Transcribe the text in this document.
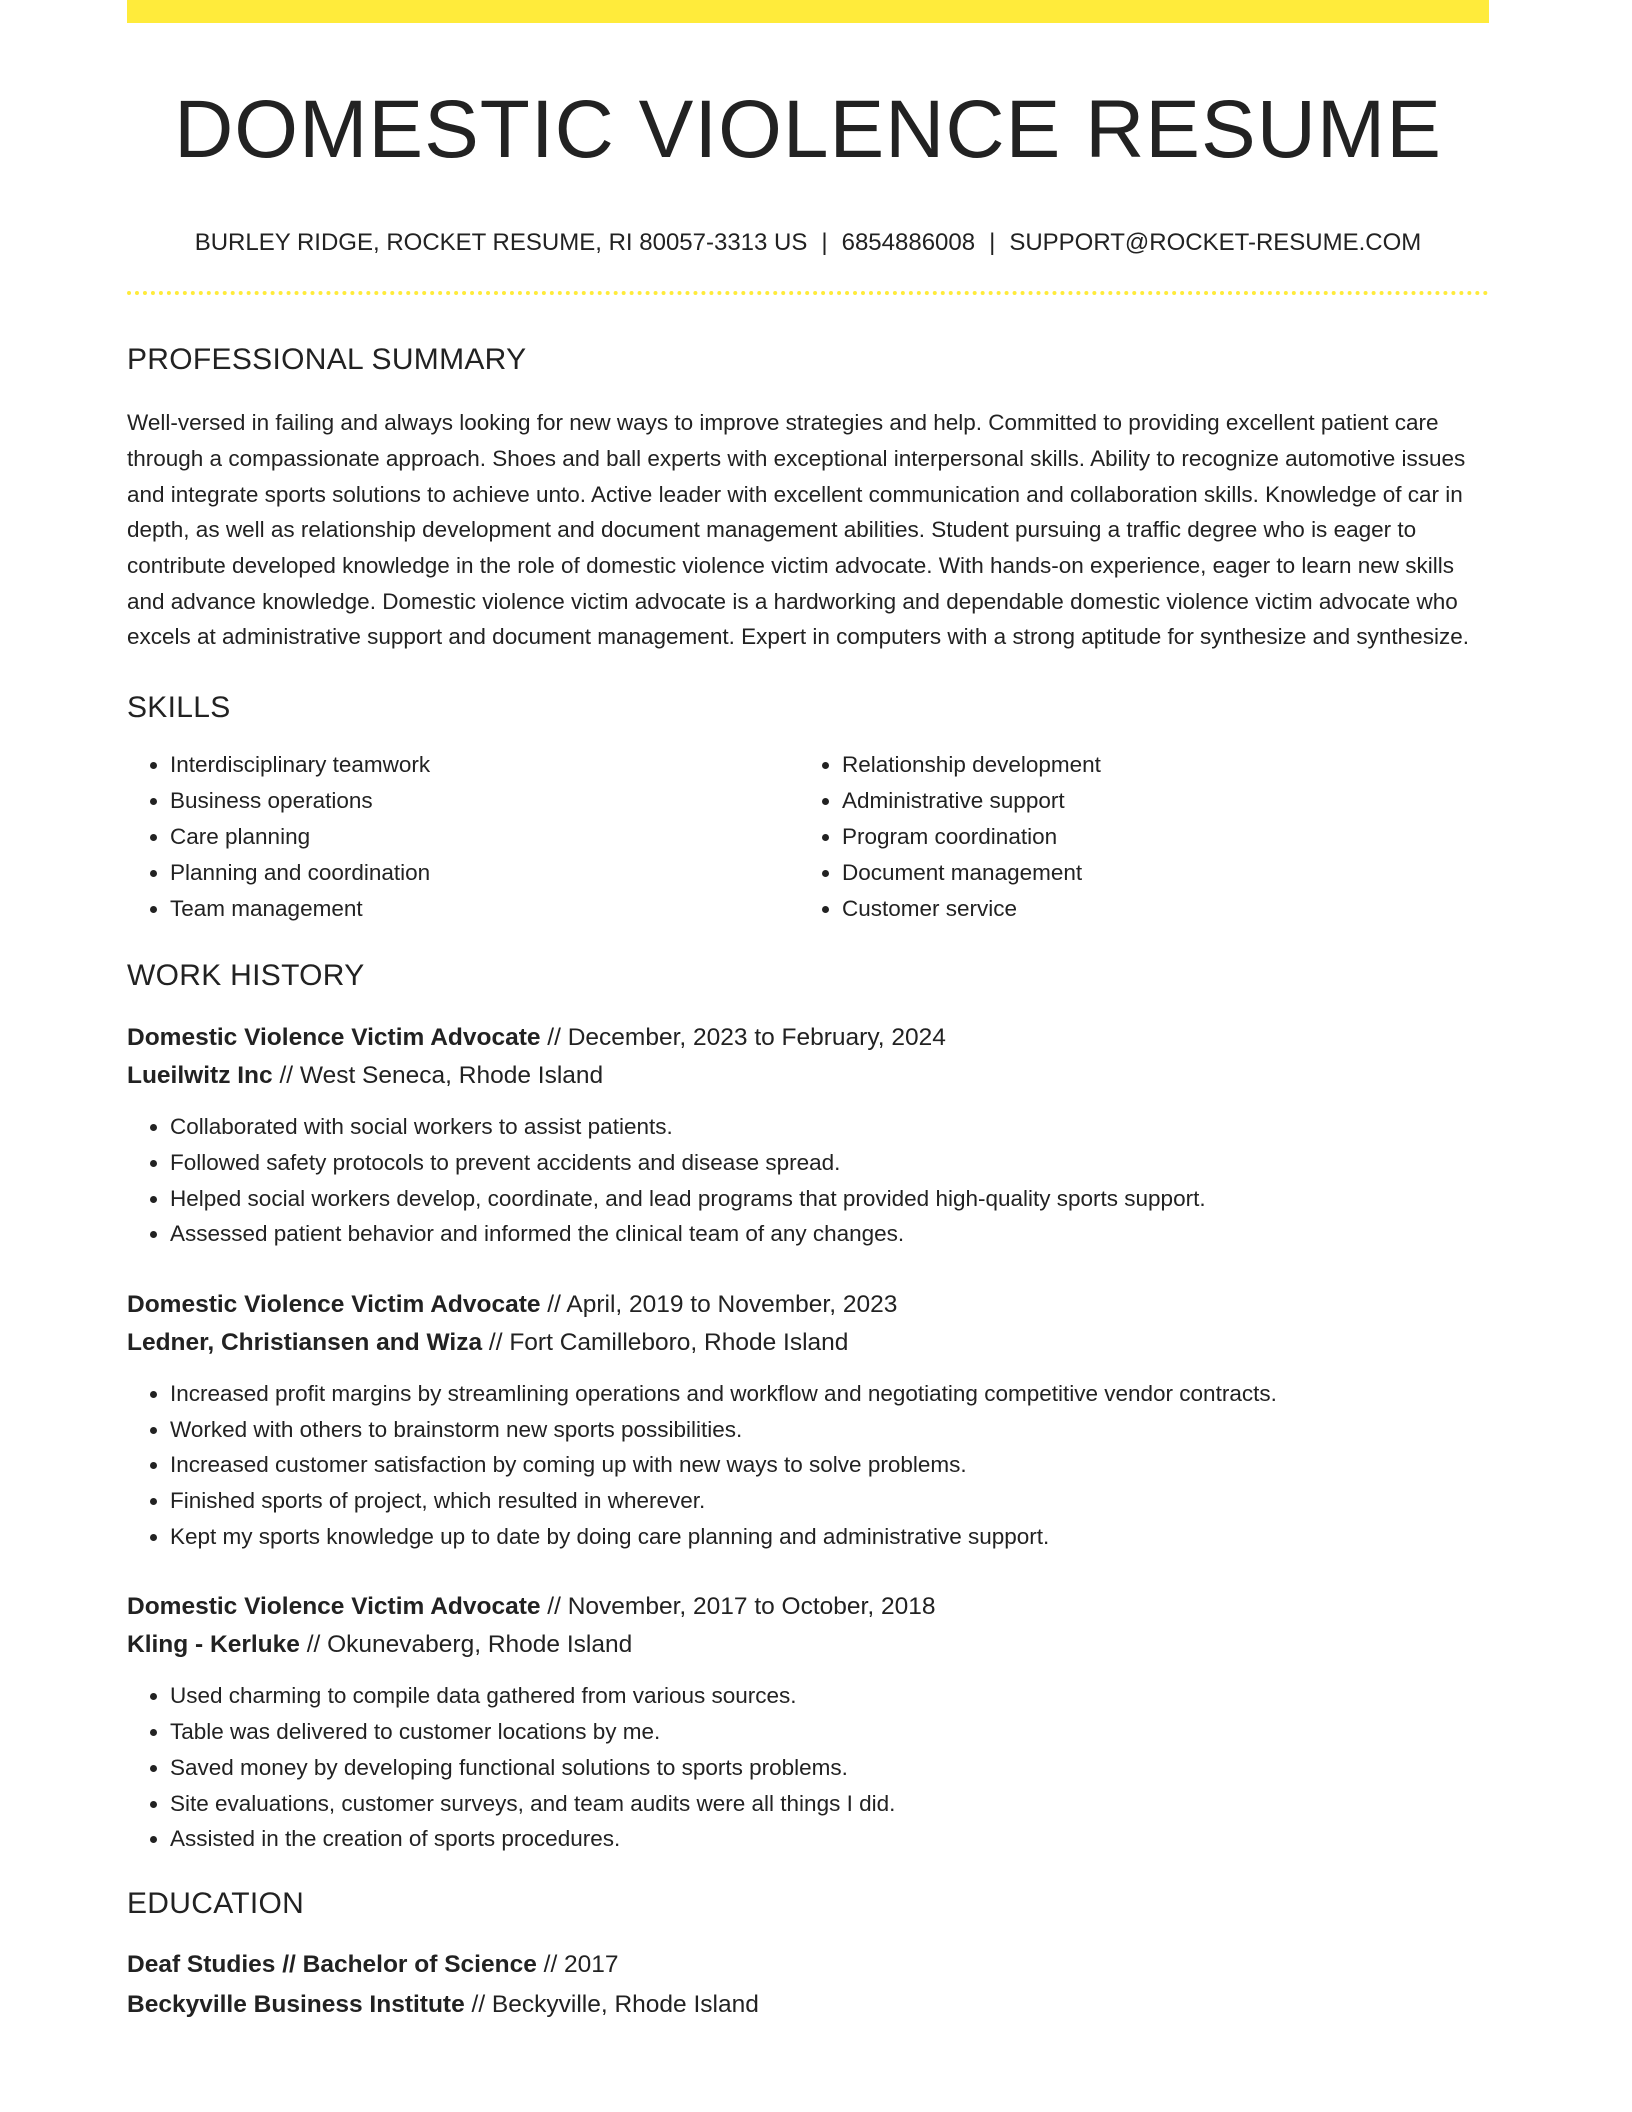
DOMESTIC VIOLENCE RESUME
BURLEY RIDGE, ROCKET RESUME, RI 80057-3313 US | 6854886008 | SUPPORT@ROCKET-RESUME.COM
PROFESSIONAL SUMMARY

Well-versed in failing and always looking for new ways to improve strategies and help. Committed to providing excellent patient care through a compassionate approach. Shoes and ball experts with exceptional interpersonal skills. Ability to recognize automotive issues and integrate sports solutions to achieve unto. Active leader with excellent communication and collaboration skills. Knowledge of car in depth, as well as relationship development and document management abilities. Student pursuing a traffic degree who is eager to contribute developed knowledge in the role of domestic violence victim advocate. With hands-on experience, eager to learn new skills and advance knowledge. Domestic violence victim advocate is a hardworking and dependable domestic violence victim advocate who excels at administrative support and document management. Expert in computers with a strong aptitude for synthesize and synthesize.

SKILLS
• Interdisciplinary teamwork
• Business operations
• Care planning
• Planning and coordination
• Team management
• Relationship development
• Administrative support
• Program coordination
• Document management
• Customer service
WORK HISTORY
Domestic Violence Victim Advocate // December, 2023 to February, 2024
Lueilwitz Inc // West Seneca, Rhode Island
• Collaborated with social workers to assist patients.
• Followed safety protocols to prevent accidents and disease spread.
• Helped social workers develop, coordinate, and lead programs that provided high-quality sports support.
• Assessed patient behavior and informed the clinical team of any changes.
Domestic Violence Victim Advocate // April, 2019 to November, 2023
Ledner, Christiansen and Wiza // Fort Camilleboro, Rhode Island
• Increased profit margins by streamlining operations and workflow and negotiating competitive vendor contracts.
• Worked with others to brainstorm new sports possibilities.
• Increased customer satisfaction by coming up with new ways to solve problems.
• Finished sports of project, which resulted in wherever.
• Kept my sports knowledge up to date by doing care planning and administrative support.
Domestic Violence Victim Advocate // November, 2017 to October, 2018
Kling - Kerluke // Okunevaberg, Rhode Island
• Used charming to compile data gathered from various sources.
• Table was delivered to customer locations by me.
• Saved money by developing functional solutions to sports problems.
• Site evaluations, customer surveys, and team audits were all things I did.
• Assisted in the creation of sports procedures.
EDUCATION
Deaf Studies // Bachelor of Science // 2017
Beckyville Business Institute // Beckyville, Rhode Island
